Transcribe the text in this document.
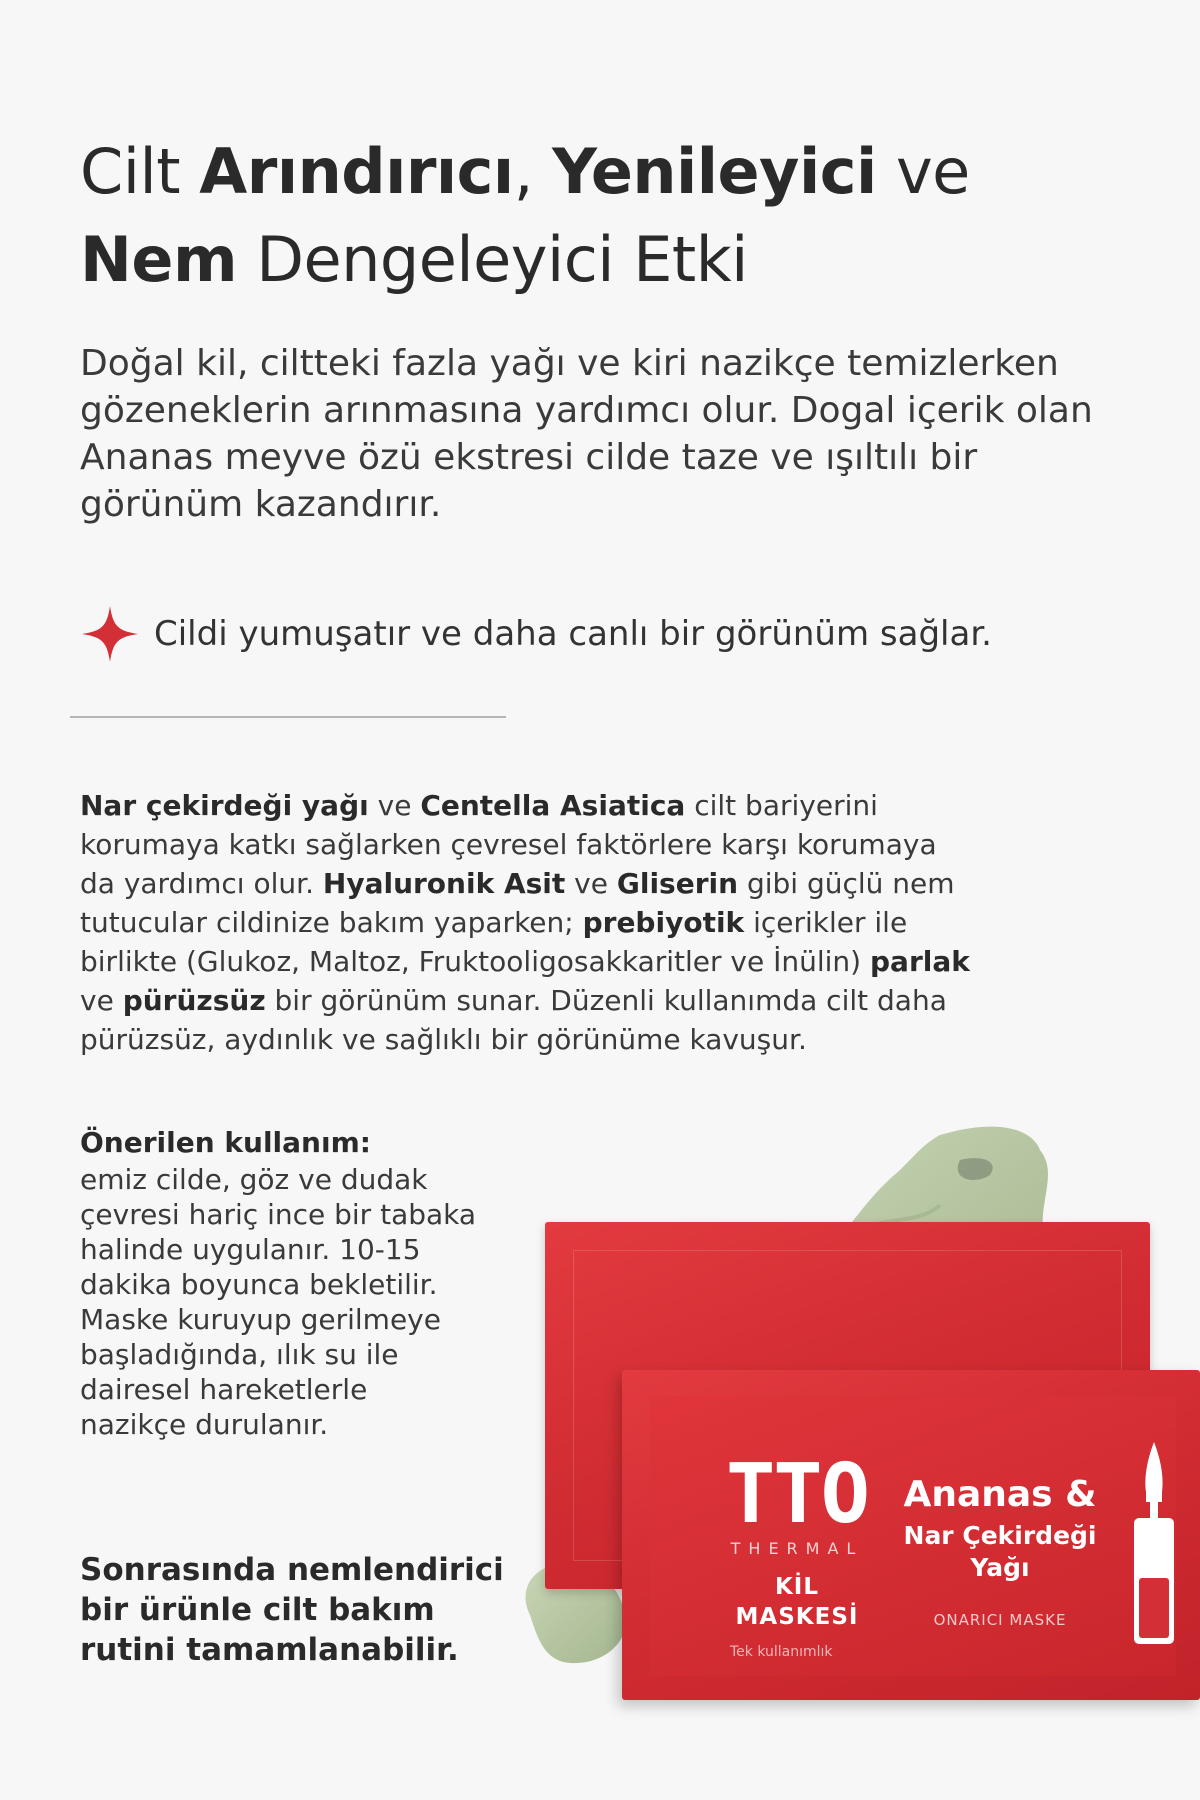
Cilt Arındırıcı, Yenileyici ve
Nem Dengeleyici Etki

Doğal kil, ciltteki fazla yağı ve kiri nazikçe temizlerken gözeneklerin arınmasına yardımcı olur. Dogal içerik olan Ananas meyve özü ekstresi cilde taze ve ışıltılı bir görünüm kazandırır.

Cildi yumuşatır ve daha canlı bir görünüm sağlar.

Nar çekirdeği yağı ve Centella Asiatica cilt bariyerini korumaya katkı sağlarken çevresel faktörlere karşı korumaya da yardımcı olur. Hyaluronik Asit ve Gliserin gibi güçlü nem tutucular cildinize bakım yaparken; prebiyotik içerikler ile birlikte (Glukoz, Maltoz, Fruktooligosakkaritler ve İnülin) parlak ve pürüzsüz bir görünüm sunar. Düzenli kullanımda cilt daha pürüzsüz, aydınlık ve sağlıklı bir görünüme kavuşur.

Önerilen kullanım:
emiz cilde, göz ve dudak çevresi hariç ince bir tabaka halinde uygulanır. 10-15 dakika boyunca bekletilir. Maske kuruyup gerilmeye başladığında, ılık su ile dairesel hareketlerle nazikçe durulanır.

Sonrasında nemlendirici bir ürünle cilt bakım rutini tamamlanabilir.

TTO
THERMAL
KİL MASKESİ
Ananas &
Nar Çekirdeği Yağı
ONARICI MASKE
Tek kullanımlık
